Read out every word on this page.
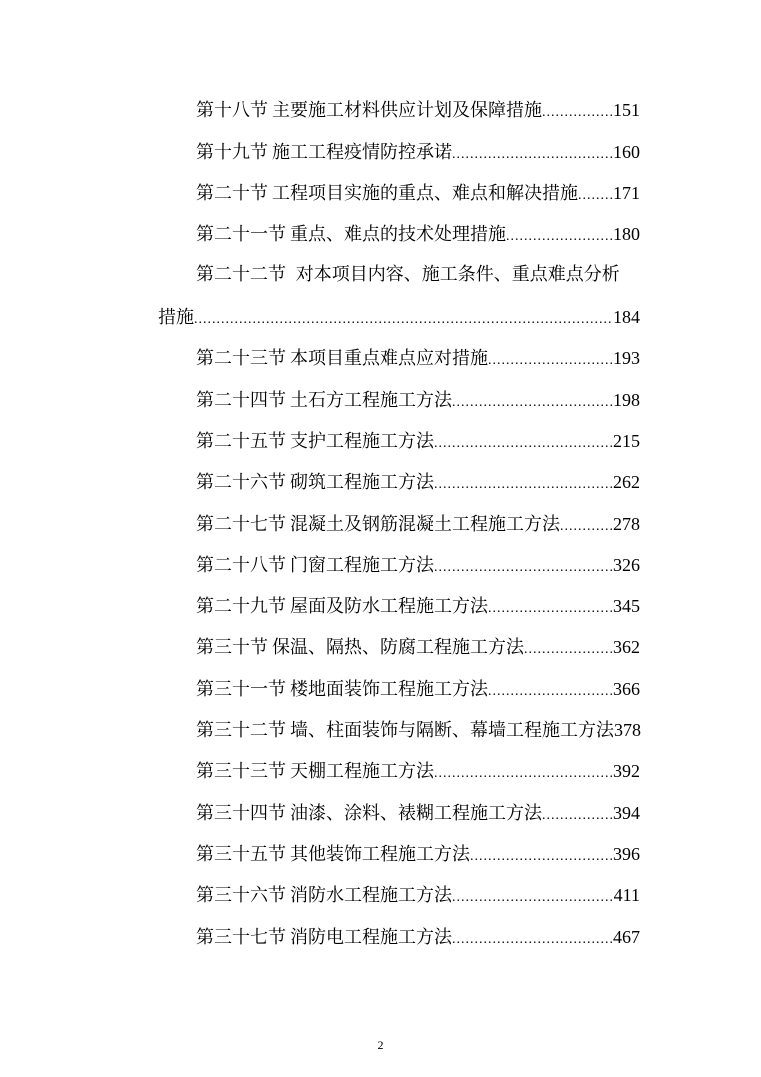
第十八节 主要施工材料供应计划及保障措施 .....	151
第十九节 施工工程疫情防控承诺 .....	160
第二十节 工程项目实施的重点、难点和解决措施 ..... 171
第二十一节 重点、难点的技术处理措施 .....	180
第二十二节 对本项目内容、施工条件、重点难点分析
措施 .....	184
第二十三节 本项目重点难点应对措施 .....	193
第二十四节 土石方工程施工方法 .....	198
第二十五节 支护工程施工方法 .....	215
第二十六节 砌筑工程施工方法 .....	262
第二十七节 混凝土及钢筋混凝土工程施工方法 .....	278
第二十八节 门窗工程施工方法 .....	326
第二十九节 屋面及防水工程施工方法 .....	345
第三十节 保温、隔热、防腐工程施工方法 .....	362
第三十一节 楼地面装饰工程施工方法 .....	366
第三十二节 墙、柱面装饰与隔断、幕墙工程施工方法 378
第三十三节 天棚工程施工方法 .....	392
第三十四节 油漆、涂料、裱糊工程施工方法 .....	394
第三十五节 其他装饰工程施工方法 .....	396
第三十六节 消防水工程施工方法 .....	411
第三十七节 消防电工程施工方法 .....	467
2
